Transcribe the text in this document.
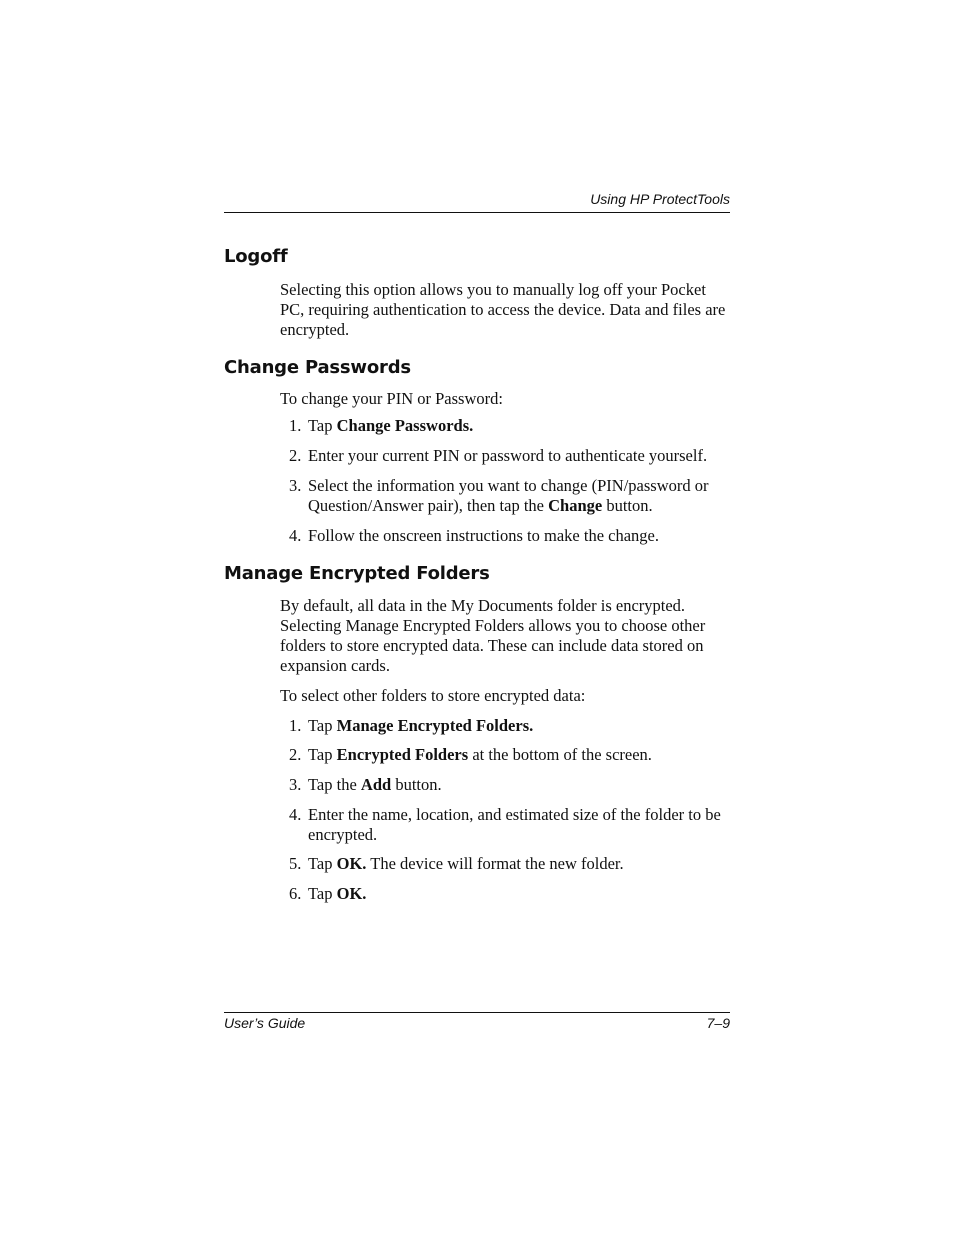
Using HP ProtectTools
Logoff

Selecting this option allows you to manually log off your Pocket PC, requiring authentication to access the device. Data and files are encrypted.

Change Passwords

To change your PIN or Password:

1. Tap Change Passwords.
2. Enter your current PIN or password to authenticate yourself.
3. Select the information you want to change (PIN/password or Question/Answer pair), then tap the Change button.
4. Follow the onscreen instructions to make the change.
Manage Encrypted Folders

By default, all data in the My Documents folder is encrypted. Selecting Manage Encrypted Folders allows you to choose other folders to store encrypted data. These can include data stored on expansion cards.

To select other folders to store encrypted data:

1. Tap Manage Encrypted Folders.
2. Tap Encrypted Folders at the bottom of the screen.
3. Tap the Add button.
4. Enter the name, location, and estimated size of the folder to be encrypted.
5. Tap OK. The device will format the new folder.
6. Tap OK.
User’s Guide	7–9
